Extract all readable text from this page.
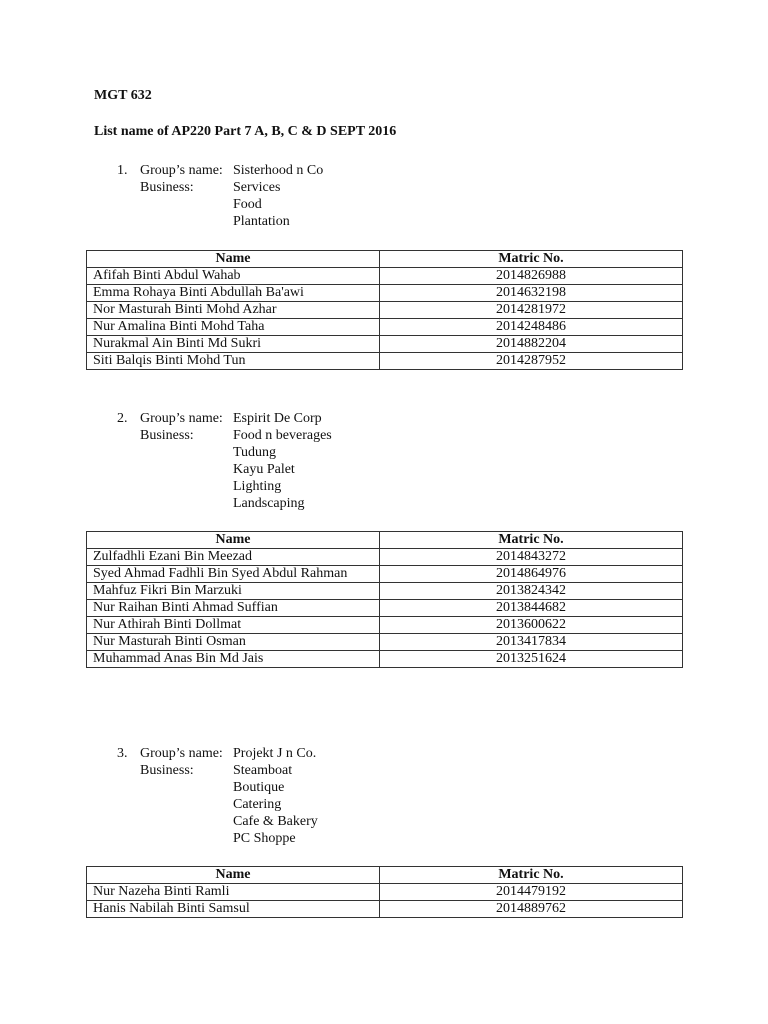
MGT 632
List name of AP220 Part 7 A, B, C & D SEPT 2016
1. Group’s name: Sisterhood n Co
Business:	Services
Food
Plantation
Name	Matric No.
Afifah Binti Abdul Wahab	2014826988
Emma Rohaya Binti Abdullah Ba'awi	2014632198
Nor Masturah Binti Mohd Azhar	2014281972
Nur Amalina Binti Mohd Taha	2014248486
Nurakmal Ain Binti Md Sukri	2014882204
Siti Balqis Binti Mohd Tun	2014287952
2. Group’s name: Espirit De Corp
Business:	Food n beverages
Tudung
Kayu Palet
Lighting
Landscaping
Name	Matric No.
Zulfadhli Ezani Bin Meezad	2014843272
Syed Ahmad Fadhli Bin Syed Abdul Rahman	2014864976
Mahfuz Fikri Bin Marzuki	2013824342
Nur Raihan Binti Ahmad Suffian	2013844682
Nur Athirah Binti Dollmat	2013600622
Nur Masturah Binti Osman	2013417834
Muhammad Anas Bin Md Jais	2013251624
3. Group’s name: Projekt J n Co.
Business:	Steamboat
Boutique
Catering
Cafe & Bakery
PC Shoppe
Name	Matric No.
Nur Nazeha Binti Ramli	2014479192
Hanis Nabilah Binti Samsul	2014889762
